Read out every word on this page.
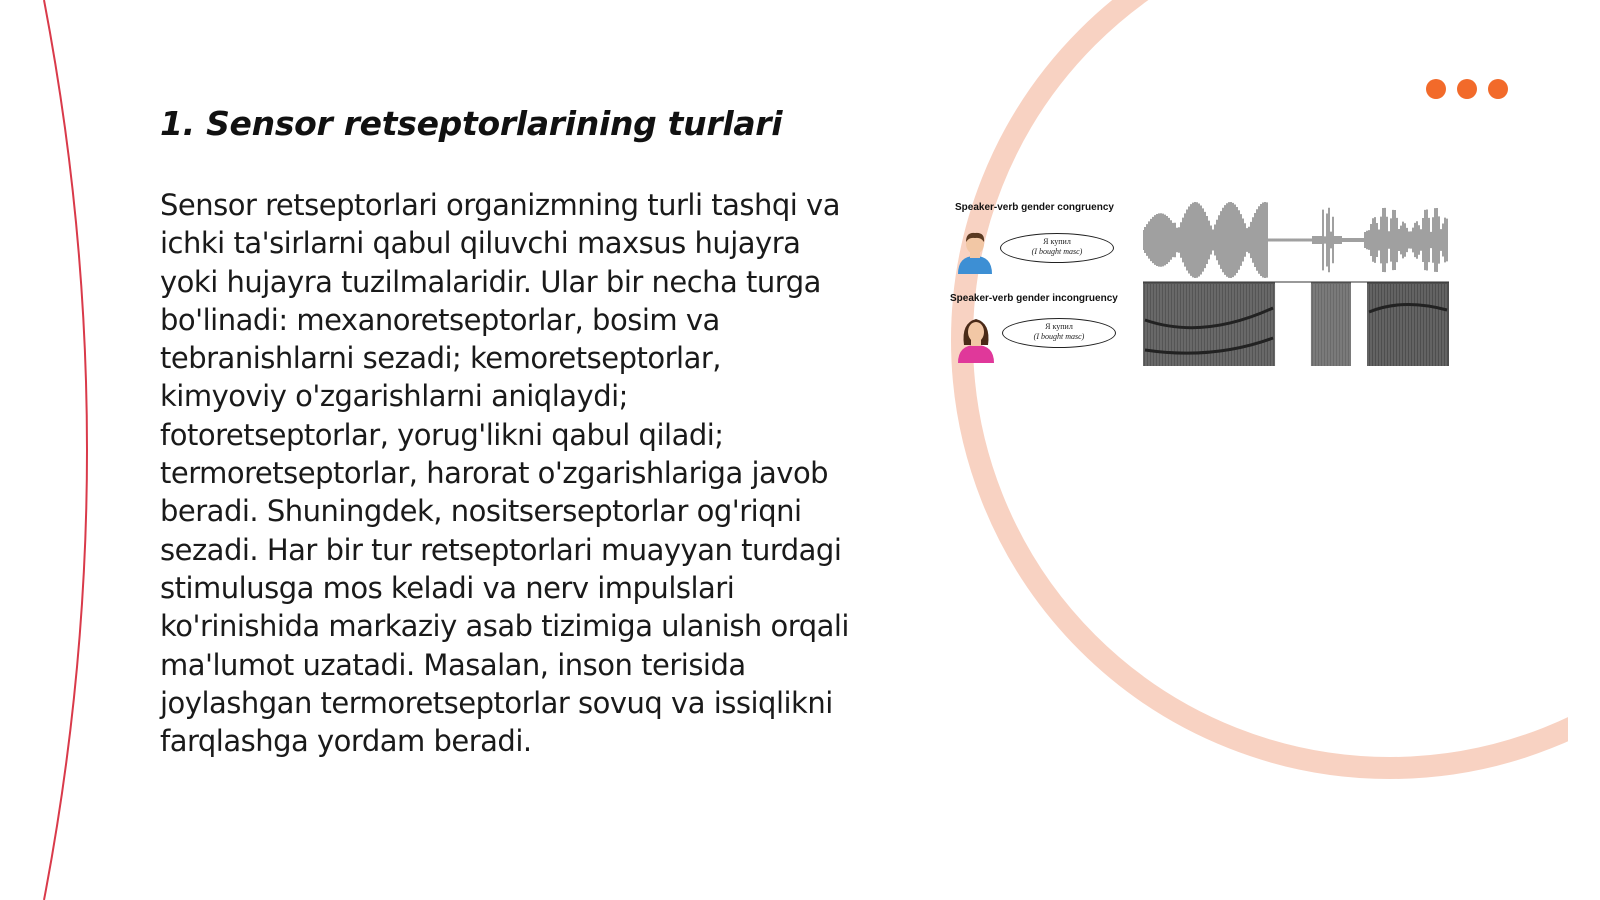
1. Sensor retseptorlarining turlari

Sensor retseptorlari organizmning turli tashqi va ichki ta'sirlarni qabul qiluvchi maxsus hujayra yoki hujayra tuzilmalaridir. Ular bir necha turga bo'linadi: mexanoretseptorlar, bosim va tebranishlarni sezadi; kemoretseptorlar, kimyoviy o'zgarishlarni aniqlaydi; fotoretseptorlar, yorug'likni qabul qiladi; termoretseptorlar, harorat o'zgarishlariga javob beradi. Shuningdek, nositserseptorlar og'riqni sezadi. Har bir tur retseptorlari muayyan turdagi stimulusga mos keladi va nerv impulslari ko'rinishida markaziy asab tizimiga ulanish orqali ma'lumot uzatadi. Masalan, inson terisida joylashgan termoretseptorlar sovuq va issiqlikni farqlashga yordam beradi.

Speaker-verb gender congruency
Speaker-verb gender incongruency
Я купил
(I bought masc)
Я купил
(I bought masc)
